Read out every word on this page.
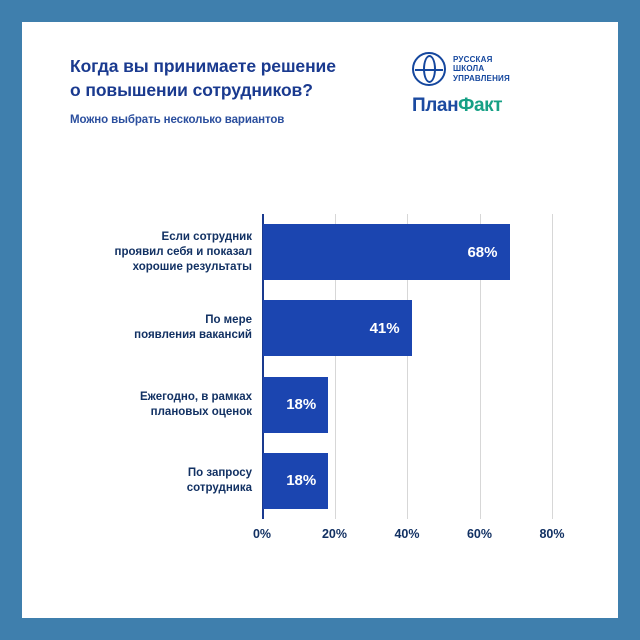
Когда вы принимаете решение
о повышении сотрудников?
Можно выбрать несколько вариантов
РУССКАЯ
ШКОЛА
УПРАВЛЕНИЯ
ПланФакт
Если сотрудник
проявил себя и показал
хорошие результаты
По мере
появления вакансий
Ежегодно, в рамках
плановых оценок
По запросу
сотрудника
68%
41%
18%
18%
0%	20%	40%	60%	80%
